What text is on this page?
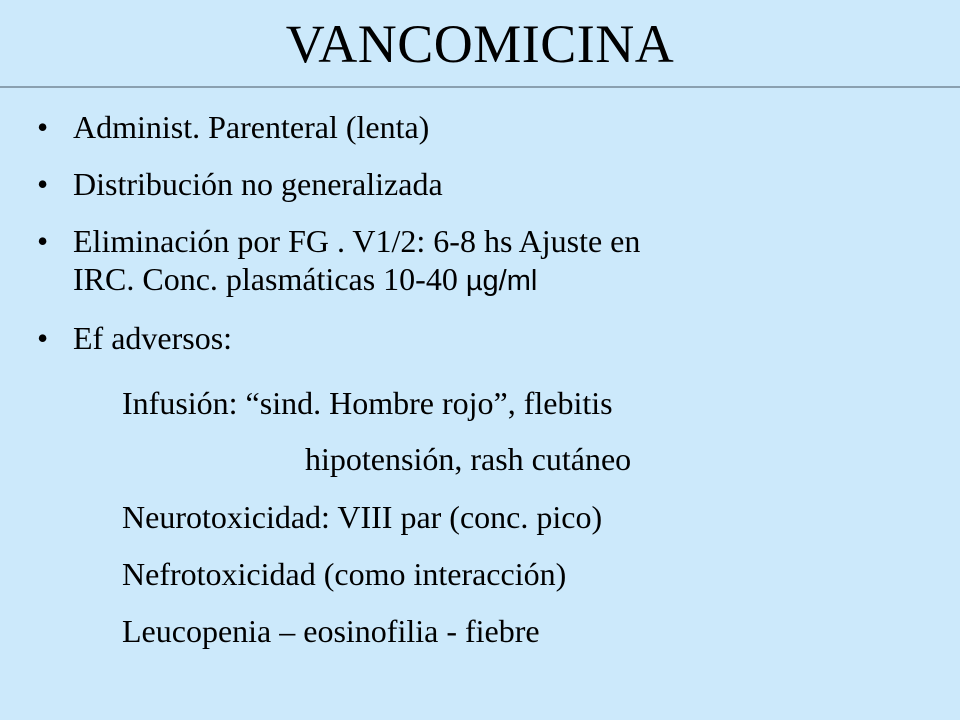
VANCOMICINA
• Administ. Parenteral (lenta)
• Distribución no generalizada
• Eliminación por FG . V1/2: 6-8 hs Ajuste en
IRC. Conc. plasmáticas 10-40 µg/ml
• Ef adversos:

Infusión: “sind. Hombre rojo”, flebitis

hipotensión, rash cutáneo

Neurotoxicidad: VIII par (conc. pico)

Nefrotoxicidad (como interacción)

Leucopenia – eosinofilia - fiebre
